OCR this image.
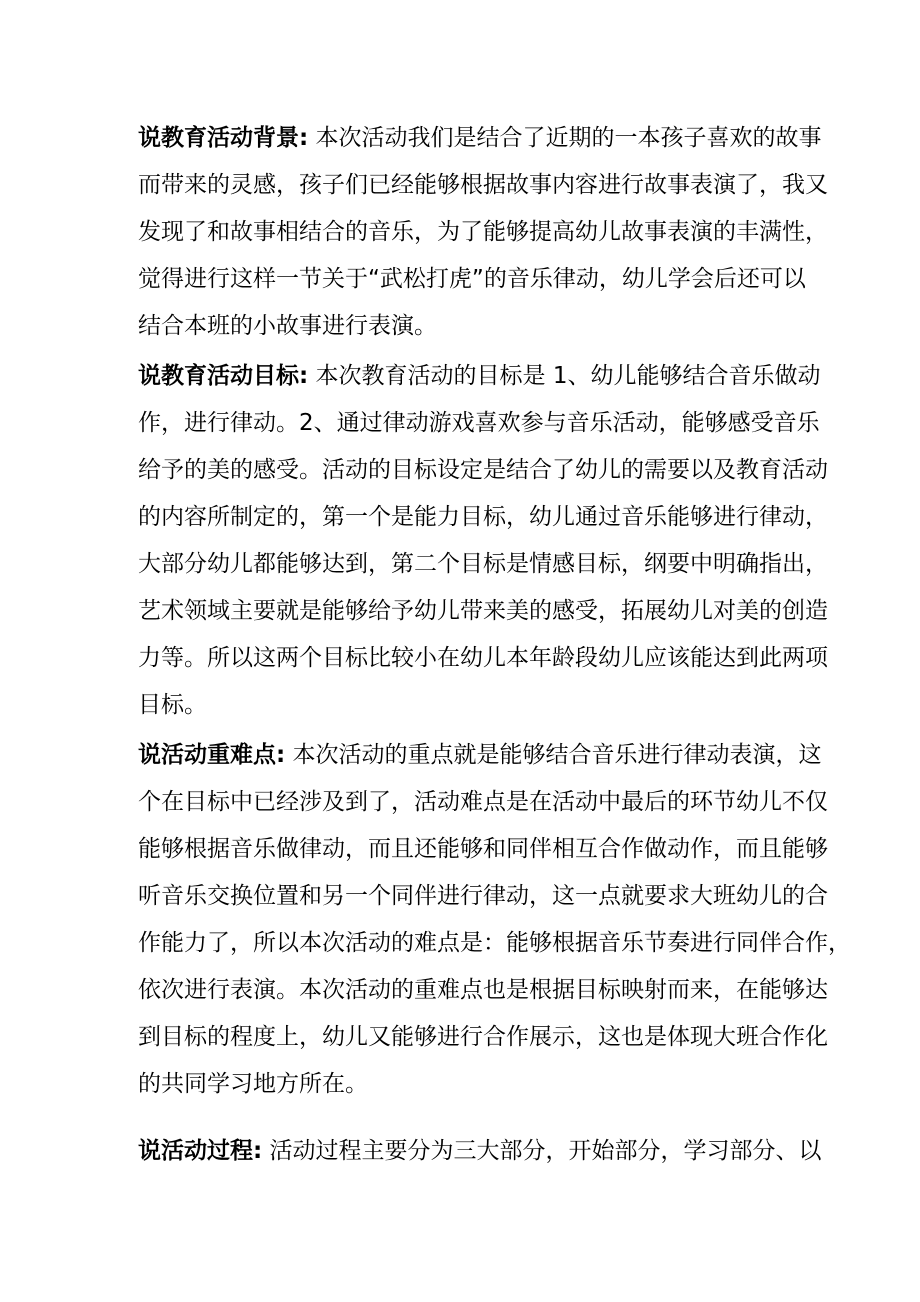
说教育活动背景: 本次活动我们是结合了近期的一本孩子喜欢的故事
而带来的灵感，孩子们已经能够根据故事内容进行故事表演了，我又
发现了和故事相结合的音乐，为了能够提高幼儿故事表演的丰满性，
觉得进行这样一节关于“武松打虎”的音乐律动，幼儿学会后还可以
结合本班的小故事进行表演。
说教育活动目标: 本次教育活动的目标是 1、幼儿能够结合音乐做动
作，进行律动。2、通过律动游戏喜欢参与音乐活动，能够感受音乐
给予的美的感受。活动的目标设定是结合了幼儿的需要以及教育活动
的内容所制定的，第一个是能力目标，幼儿通过音乐能够进行律动，
大部分幼儿都能够达到，第二个目标是情感目标，纲要中明确指出，
艺术领域主要就是能够给予幼儿带来美的感受，拓展幼儿对美的创造
力等。所以这两个目标比较小在幼儿本年龄段幼儿应该能达到此两项
目标。
说活动重难点: 本次活动的重点就是能够结合音乐进行律动表演，这
个在目标中已经涉及到了，活动难点是在活动中最后的环节幼儿不仅
能够根据音乐做律动，而且还能够和同伴相互合作做动作，而且能够
听音乐交换位置和另一个同伴进行律动，这一点就要求大班幼儿的合
作能力了，所以本次活动的难点是：能够根据音乐节奏进行同伴合作，
依次进行表演。本次活动的重难点也是根据目标映射而来，在能够达
到目标的程度上，幼儿又能够进行合作展示，这也是体现大班合作化
的共同学习地方所在。
说活动过程: 活动过程主要分为三大部分，开始部分，学习部分、以
